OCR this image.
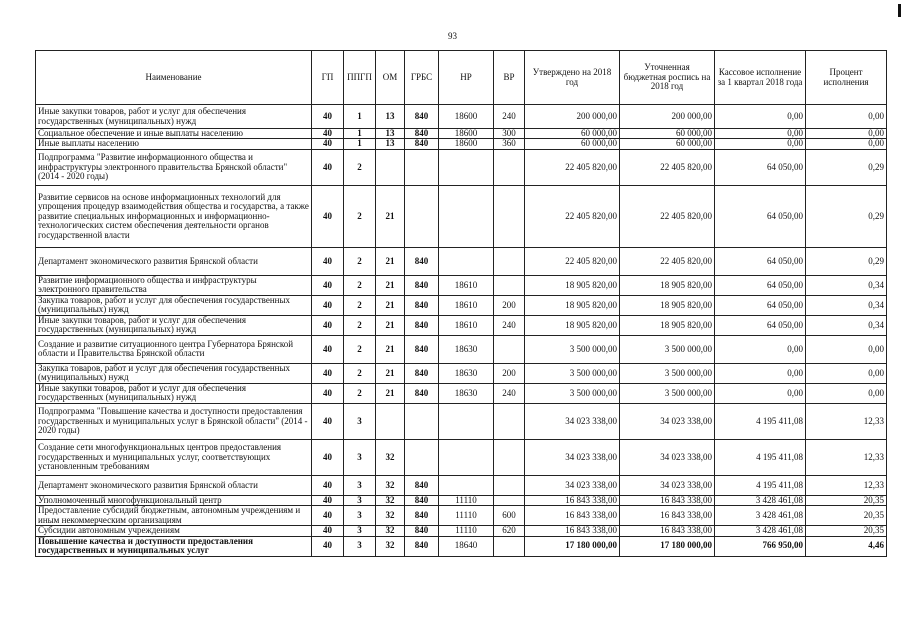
93
Наименование	ГП	ППГП	ОМ	ГРБС	НР	ВР	Утверждено на 2018 год	Уточненная бюджетная роспись на 2018 год	Кассовое исполнение за 1 квартал 2018 года	Процент исполнения
Иные закупки товаров, работ и услуг для обеспечения государственных (муниципальных) нужд	40	1	13	840	18600	240	200 000,00	200 000,00	0,00	0,00
Социальное обеспечение и иные выплаты населению	40	1	13	840	18600	300	60 000,00	60 000,00	0,00	0,00
Иные выплаты населению	40	1	13	840	18600	360	60 000,00	60 000,00	0,00	0,00
Подпрограмма "Развитие информационного общества и инфраструктуры электронного правительства Брянской области" (2014 - 2020 годы)	40	2					22 405 820,00	22 405 820,00	64 050,00	0,29
Развитие сервисов на основе информационных технологий для упрощения процедур взаимодействия общества и государства, а также развитие специальных информационных и информационно-технологических систем обеспечения деятельности органов государственной власти	40	2	21				22 405 820,00	22 405 820,00	64 050,00	0,29
Департамент экономического развития Брянской области	40	2	21	840			22 405 820,00	22 405 820,00	64 050,00	0,29
Развитие информационного общества и инфраструктуры электронного правительства	40	2	21	840	18610		18 905 820,00	18 905 820,00	64 050,00	0,34
Закупка товаров, работ и услуг для обеспечения государственных (муниципальных) нужд	40	2	21	840	18610	200	18 905 820,00	18 905 820,00	64 050,00	0,34
Иные закупки товаров, работ и услуг для обеспечения государственных (муниципальных) нужд	40	2	21	840	18610	240	18 905 820,00	18 905 820,00	64 050,00	0,34
Создание и развитие ситуационного центра Губернатора Брянской области и Правительства Брянской области	40	2	21	840	18630		3 500 000,00	3 500 000,00	0,00	0,00
Закупка товаров, работ и услуг для обеспечения государственных (муниципальных) нужд	40	2	21	840	18630	200	3 500 000,00	3 500 000,00	0,00	0,00
Иные закупки товаров, работ и услуг для обеспечения государственных (муниципальных) нужд	40	2	21	840	18630	240	3 500 000,00	3 500 000,00	0,00	0,00
Подпрограмма "Повышение качества и доступности предоставления государственных и муниципальных услуг в Брянской области" (2014 - 2020 годы)	40	3					34 023 338,00	34 023 338,00	4 195 411,08	12,33
Создание сети многофункциональных центров предоставления государственных и муниципальных услуг, соответствующих установленным требованиям	40	3	32				34 023 338,00	34 023 338,00	4 195 411,08	12,33
Департамент экономического развития Брянской области	40	3	32	840			34 023 338,00	34 023 338,00	4 195 411,08	12,33
Уполномоченный многофункциональный центр	40	3	32	840	11110		16 843 338,00	16 843 338,00	3 428 461,08	20,35
Предоставление субсидий бюджетным, автономным учреждениям и иным некоммерческим организациям	40	3	32	840	11110	600	16 843 338,00	16 843 338,00	3 428 461,08	20,35
Субсидии автономным учреждениям	40	3	32	840	11110	620	16 843 338,00	16 843 338,00	3 428 461,08	20,35
Повышение качества и доступности предоставления государственных и муниципальных услуг	40	3	32	840	18640		17 180 000,00	17 180 000,00	766 950,00	4,46
